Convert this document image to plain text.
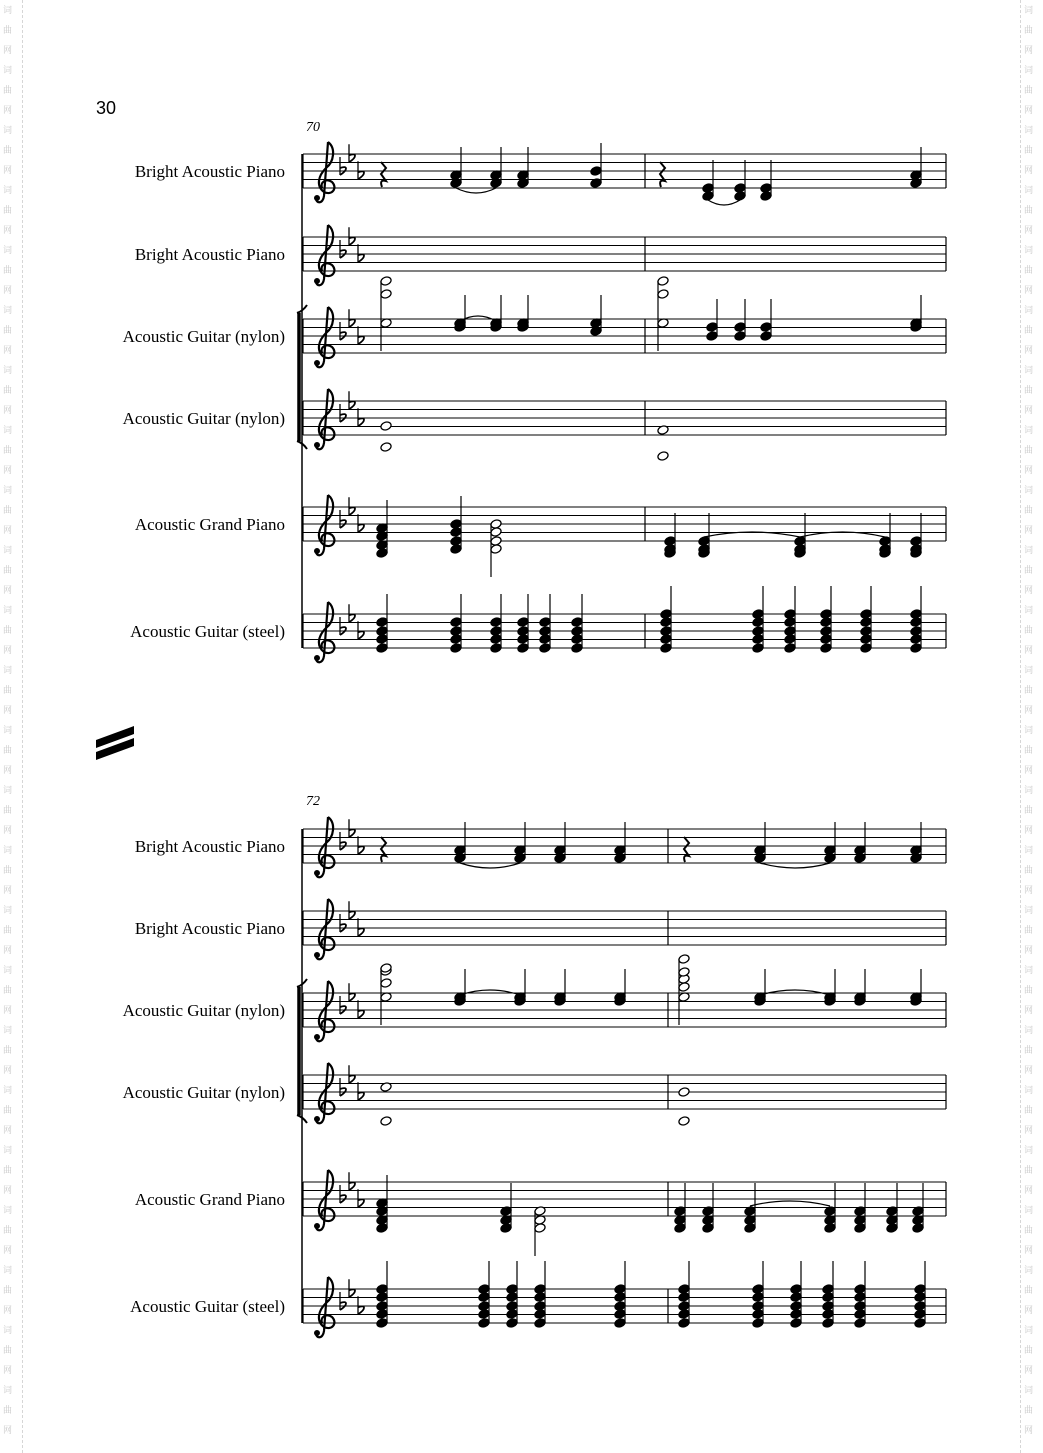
词
曲
网
词
曲
网
词
曲
网
词
曲
网
词
曲
网
词
曲
网
词
曲
网
词
曲
网
词
曲
网
词
曲
网
词
曲
网
词
曲
网
词
曲
网
词
曲
网
词
曲
网
词
曲
网
词
曲
网
词
曲
网
词
曲
网
词
曲
网
词
曲
网
词
曲
网
词
曲
网
词
曲
网
词
曲
网
词
曲
网
词
曲
网
词
曲
网
词
曲
网
词
曲
网
词
曲
网
词
曲
网
词
曲
网
词
曲
网
词
曲
网
词
曲
网
词
曲
网
词
曲
网
词
曲
网
词
曲
网
词
曲
网
词
曲
网
词
曲
网
词
曲
网
词
曲
网
词
曲
网
词
曲
网
词
曲
网
30
70
Bright Acoustic Piano
Bright Acoustic Piano
Acoustic Guitar (nylon)
Acoustic Guitar (nylon)
Acoustic Grand Piano
Acoustic Guitar (steel)
72
Bright Acoustic Piano
Bright Acoustic Piano
Acoustic Guitar (nylon)
Acoustic Guitar (nylon)
Acoustic Grand Piano
Acoustic Guitar (steel)
